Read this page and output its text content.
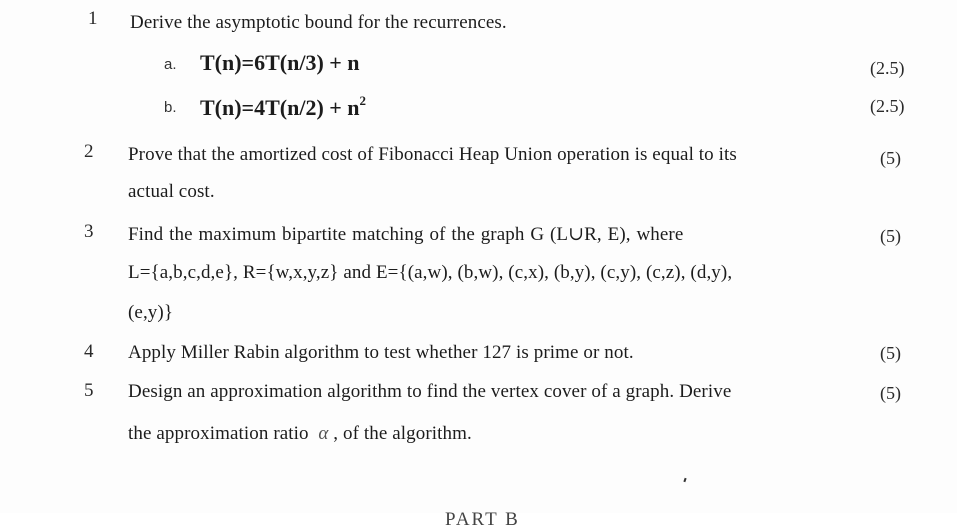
1 Derive the asymptotic bound for the recurrences.
a. T(n)=6T(n/3) + n	(2.5)
b. $T(n)=4T(n/2) + n^2$	(2.5)
2 Prove that the amortized cost of Fibonacci Heap Union operation is equal to its
actual cost.
(5)
3 Find the maximum bipartite matching of the graph G (L∪R, E), where
L={a,b,c,d,e}, R={w,x,y,z} and E={(a,w), (b,w), (c,x), (b,y), (c,y), (c,z), (d,y),
(e,y)}
(5)
4 Apply Miller Rabin algorithm to test whether 127 is prime or not.	(5)
5 Design an approximation algorithm to find the vertex cover of a graph. Derive
the approximation ratio α , of the algorithm.
(5)
PART B
